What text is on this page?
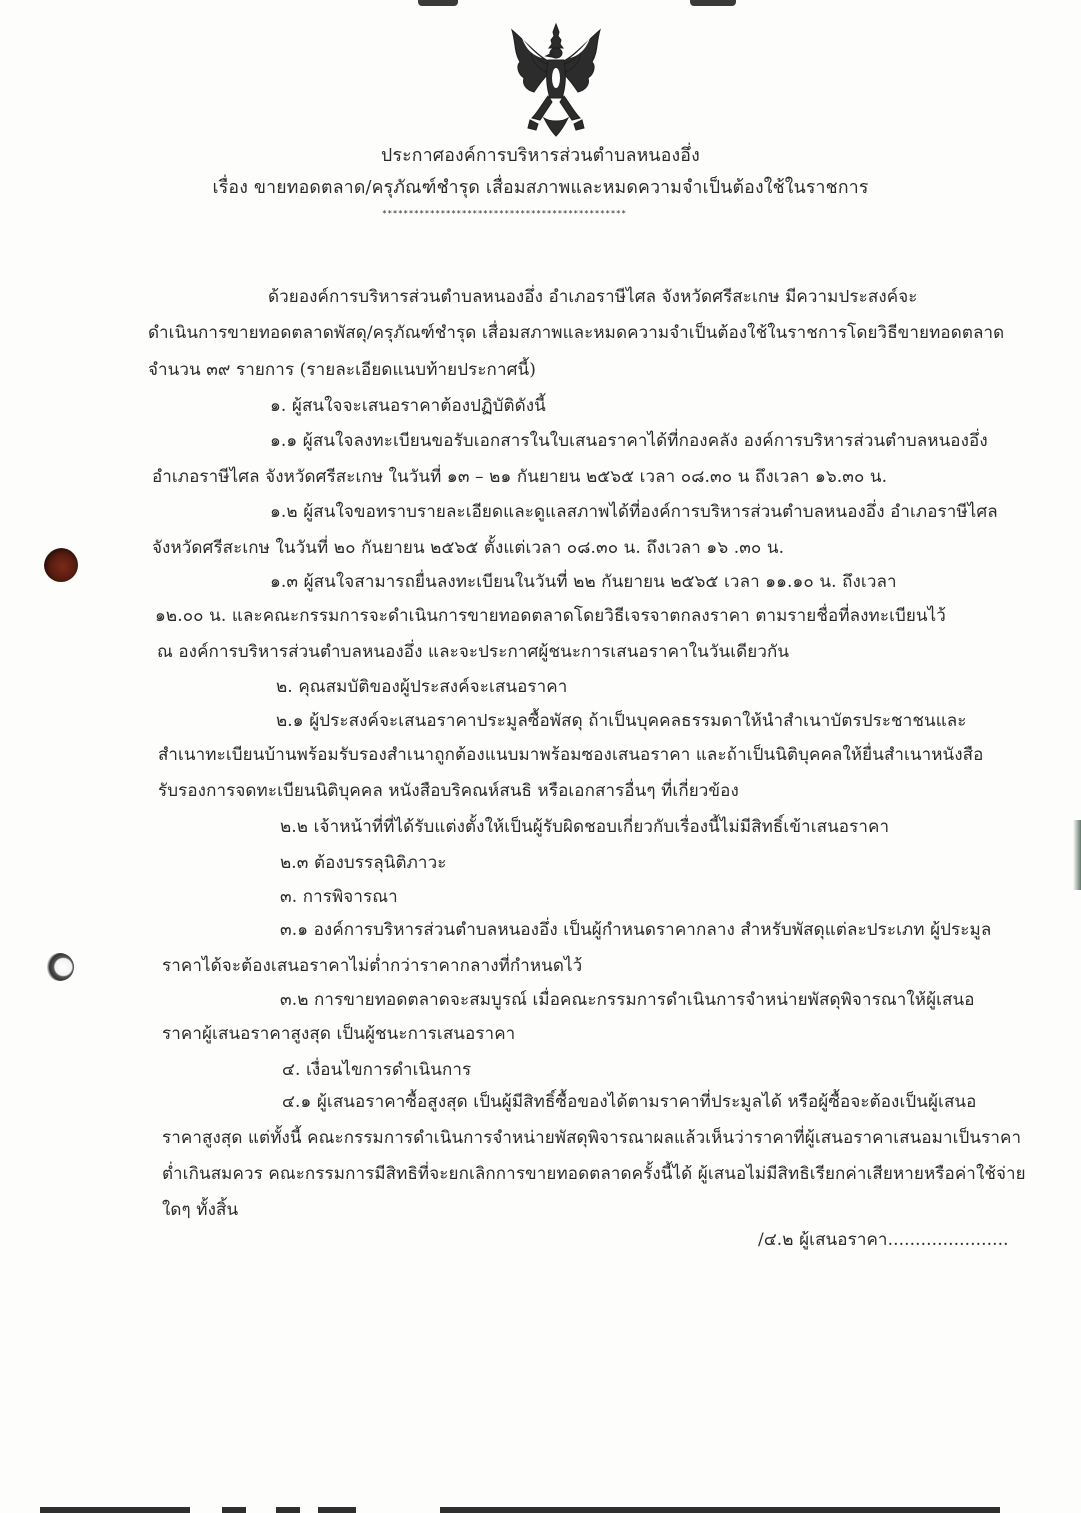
ประกาศองค์การบริหารส่วนตำบลหนองอึ่ง
เรื่อง ขายทอดตลาด/ครุภัณฑ์ชำรุด เสื่อมสภาพและหมดความจำเป็นต้องใช้ในราชการ
**********************************************
ด้วยองค์การบริหารส่วนตำบลหนองอึ่ง อำเภอราษีไศล จังหวัดศรีสะเกษ มีความประสงค์จะ
ดำเนินการขายทอดตลาดพัสดุ/ครุภัณฑ์ชำรุด เสื่อมสภาพและหมดความจำเป็นต้องใช้ในราชการโดยวิธีขายทอดตลาด
จำนวน ๓๙ รายการ (รายละเอียดแนบท้ายประกาศนี้)
๑. ผู้สนใจจะเสนอราคาต้องปฏิบัติดังนี้
๑.๑ ผู้สนใจลงทะเบียนขอรับเอกสารในใบเสนอราคาได้ที่กองคลัง องค์การบริหารส่วนตำบลหนองอึ่ง
อำเภอราษีไศล จังหวัดศรีสะเกษ ในวันที่ ๑๓ – ๒๑ กันยายน ๒๕๖๕ เวลา ๐๘.๓๐ น ถึงเวลา ๑๖.๓๐ น.
๑.๒ ผู้สนใจขอทราบรายละเอียดและดูแลสภาพได้ที่องค์การบริหารส่วนตำบลหนองอึ่ง อำเภอราษีไศล
จังหวัดศรีสะเกษ ในวันที่ ๒๐ กันยายน ๒๕๖๕ ตั้งแต่เวลา ๐๘.๓๐ น. ถึงเวลา ๑๖ .๓๐ น.
๑.๓ ผู้สนใจสามารถยื่นลงทะเบียนในวันที่ ๒๒ กันยายน ๒๕๖๕ เวลา ๑๑.๑๐ น. ถึงเวลา
๑๒.๐๐ น. และคณะกรรมการจะดำเนินการขายทอดตลาดโดยวิธีเจรจาตกลงราคา ตามรายชื่อที่ลงทะเบียนไว้
ณ องค์การบริหารส่วนตำบลหนองอึ่ง และจะประกาศผู้ชนะการเสนอราคาในวันเดียวกัน
๒. คุณสมบัติของผู้ประสงค์จะเสนอราคา
๒.๑ ผู้ประสงค์จะเสนอราคาประมูลซื้อพัสดุ ถ้าเป็นบุคคลธรรมดาให้นำสำเนาบัตรประชาชนและ
สำเนาทะเบียนบ้านพร้อมรับรองสำเนาถูกต้องแนบมาพร้อมซองเสนอราคา และถ้าเป็นนิติบุคคลให้ยื่นสำเนาหนังสือ
รับรองการจดทะเบียนนิติบุคคล หนังสือบริคณห์สนธิ หรือเอกสารอื่นๆ ที่เกี่ยวข้อง
๒.๒ เจ้าหน้าที่ที่ได้รับแต่งตั้งให้เป็นผู้รับผิดชอบเกี่ยวกับเรื่องนี้ไม่มีสิทธิ์เข้าเสนอราคา
๒.๓ ต้องบรรลุนิติภาวะ
๓. การพิจารณา
๓.๑ องค์การบริหารส่วนตำบลหนองอึ่ง เป็นผู้กำหนดราคากลาง สำหรับพัสดุแต่ละประเภท ผู้ประมูล
ราคาได้จะต้องเสนอราคาไม่ต่ำกว่าราคากลางที่กำหนดไว้
๓.๒ การขายทอดตลาดจะสมบูรณ์ เมื่อคณะกรรมการดำเนินการจำหน่ายพัสดุพิจารณาให้ผู้เสนอ
ราคาผู้เสนอราคาสูงสุด เป็นผู้ชนะการเสนอราคา
๔. เงื่อนไขการดำเนินการ
๔.๑ ผู้เสนอราคาซื้อสูงสุด เป็นผู้มีสิทธิ์ซื้อของได้ตามราคาที่ประมูลได้ หรือผู้ซื้อจะต้องเป็นผู้เสนอ
ราคาสูงสุด แต่ทั้งนี้ คณะกรรมการดำเนินการจำหน่ายพัสดุพิจารณาผลแล้วเห็นว่าราคาที่ผู้เสนอราคาเสนอมาเป็นราคา
ต่ำเกินสมควร คณะกรรมการมีสิทธิที่จะยกเลิกการขายทอดตลาดครั้งนี้ได้ ผู้เสนอไม่มีสิทธิเรียกค่าเสียหายหรือค่าใช้จ่าย
ใดๆ ทั้งสิ้น
/๔.๒ ผู้เสนอราคา......................
